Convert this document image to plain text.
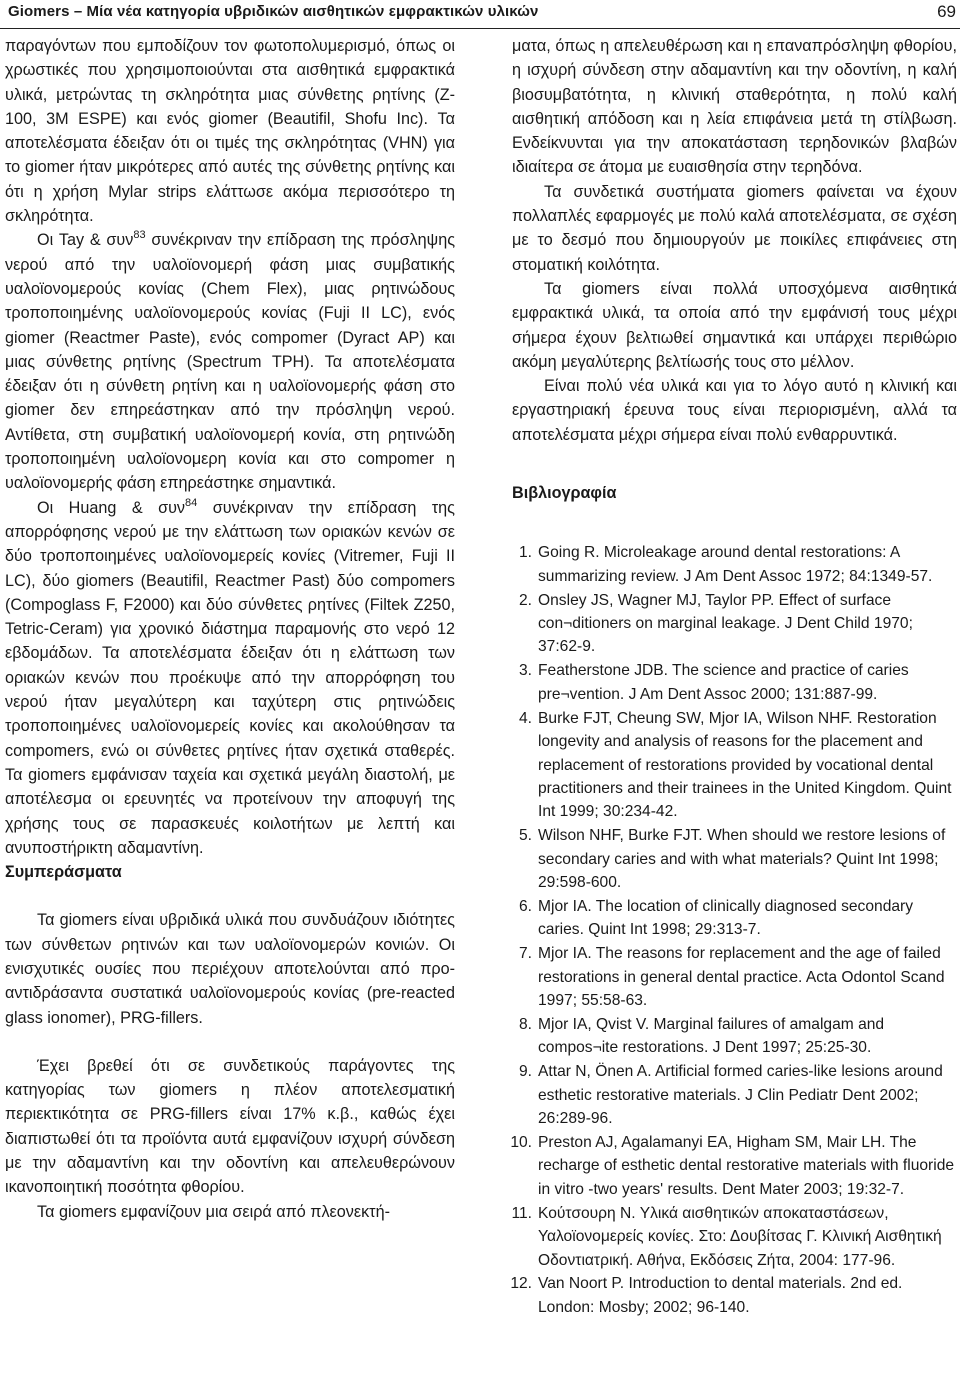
Giomers – Μία νέα κατηγορία υβριδικών αισθητικών εμφρακτικών υλικών	69

παραγόντων που εμποδίζουν τον φωτοπολυμερισμό, όπως οι χρωστικές που χρησιμοποιούνται στα αισθητικά εμφρακτικά υλικά, μετρώντας τη σκληρότητα μιας σύνθετης ρητίνης (Z-100, 3M ESPE) και ενός giomer (Beautifil, Shofu Inc). Τα αποτελέσματα έδειξαν ότι οι τιμές της σκληρότητας (VHN) για το giomer ήταν μικρότερες από αυτές της σύνθετης ρητίνης και ότι η χρήση Mylar strips ελάττωσε ακόμα περισσότερο τη σκληρότητα.

Οι Tay & συν$^{83}$ συνέκριναν την επίδραση της πρόσληψης νερού από την υαλοϊονομερή φάση μιας συμβατικής υαλοϊονομερούς κονίας (Chem Flex), μιας ρητινώδους τροποποιημένης υαλοϊονομερούς κονίας (Fuji II LC), ενός giomer (Reactmer Paste), ενός compomer (Dyract AP) και μιας σύνθετης ρητίνης (Spectrum TPH). Τα αποτελέσματα έδειξαν ότι η σύνθετη ρητίνη και η υαλοϊονομερής φάση στο giomer δεν επηρεάστηκαν από την πρόσληψη νερού. Αντίθετα, στη συμβατική υαλοϊονομερή κονία, στη ρητινώδη τροποποιημένη υαλοϊονομερη κονία και στο compomer η υαλοϊονομερής φάση επηρεάστηκε σημαντικά.

Οι Huang & συν$^{84}$ συνέκριναν την επίδραση της απορρόφησης νερού με την ελάττωση των οριακών κενών σε δύο τροποποιημένες υαλοϊονομερείς κονίες (Vitremer, Fuji II LC), δύο giomers (Beautifil, Reactmer Past) δύο compomers (Compoglass F, F2000) και δύο σύνθετες ρητίνες (Filtek Z250, Tetric-Ceram) για χρονικό διάστημα παραμονής στο νερό 12 εβδομάδων. Τα αποτελέσματα έδειξαν ότι η ελάττωση των οριακών κενών που προέκυψε από την απορρόφηση του νερού ήταν μεγαλύτερη και ταχύτερη στις ρητινώδεις τροποποιημένες υαλοϊονομερείς κονίες και ακολούθησαν τα compomers, ενώ οι σύνθετες ρητίνες ήταν σχετικά σταθερές. Τα giomers εμφάνισαν ταχεία και σχετικά μεγάλη διαστολή, με αποτέλεσμα οι ερευνητές να προτείνουν την αποφυγή της χρήσης τους σε παρασκευές κοιλοτήτων με λεπτή και ανυποστήρικτη αδαμαντίνη.

Συμπεράσματα

Τα giomers είναι υβριδικά υλικά που συνδυάζουν ιδιότητες των σύνθετων ρητινών και των υαλοϊονομερών κονιών. Οι ενισχυτικές ουσίες που περιέχουν αποτελούνται από προ-αντιδράσαντα συστατικά υαλοϊονομερούς κονίας (pre-reacted glass ionomer), PRG-fillers.

Έχει βρεθεί ότι σε συνδετικούς παράγοντες της κατηγορίας των giomers η πλέον αποτελεσματική περιεκτικότητα σε PRG-fillers είναι 17% κ.β., καθώς έχει διαπιστωθεί ότι τα προϊόντα αυτά εμφανίζουν ισχυρή σύνδεση με την αδαμαντίνη και την οδοντίνη και απελευθερώνουν ικανοποιητική ποσότητα φθορίου.

Τα giomers εμφανίζουν μια σειρά από πλεονεκτή-

ματα, όπως η απελευθέρωση και η επαναπρόσληψη φθορίου, η ισχυρή σύνδεση στην αδαμαντίνη και την οδοντίνη, η καλή βιοσυμβατότητα, η κλινική σταθερότητα, η πολύ καλή αισθητική απόδοση και η λεία επιφάνεια μετά τη στίλβωση. Ενδείκνυνται για την αποκατάσταση τερηδονικών βλαβών ιδιαίτερα σε άτομα με ευαισθησία στην τερηδόνα.

Τα συνδετικά συστήματα giomers φαίνεται να έχουν πολλαπλές εφαρμογές με πολύ καλά αποτελέσματα, σε σχέση με το δεσμό που δημιουργούν με ποικίλες επιφάνειες στη στοματική κοιλότητα.

Τα giomers είναι πολλά υποσχόμενα αισθητικά εμφρακτικά υλικά, τα οποία από την εμφάνισή τους μέχρι σήμερα έχουν βελτιωθεί σημαντικά και υπάρχει περιθώριο ακόμη μεγαλύτερης βελτίωσής τους στο μέλλον.

Είναι πολύ νέα υλικά και για το λόγο αυτό η κλινική και εργαστηριακή έρευνα τους είναι περιορισμένη, αλλά τα αποτελέσματα μέχρι σήμερα είναι πολύ ενθαρρυντικά.

Βιβλιογραφία

1. Going R. Microleakage around dental restorations: A summarizing review. J Am Dent Assoc 1972; 84:1349-57.
2. Onsley JS, Wagner MJ, Taylor PP. Effect of surface con¬ditioners on marginal leakage. J Dent Child 1970; 37:62-9.
3. Featherstone JDB. The science and practice of caries pre¬vention. J Am Dent Assoc 2000; 131:887-99.
4. Burke FJT, Cheung SW, Mjor IA, Wilson NHF. Restoration longevity and analysis of reasons for the placement and replacement of restorations provided by vocational dental practitioners and their trainees in the United Kingdom. Quint Int 1999; 30:234-42.
5. Wilson NHF, Burke FJT. When should we restore lesions of secondary caries and with what materials? Quint Int 1998; 29:598-600.
6. Mjor IA. The location of clinically diagnosed secondary caries. Quint Int 1998; 29:313-7.
7. Mjor IA. The reasons for replacement and the age of failed restorations in general dental practice. Acta Odontol Scand 1997; 55:58-63.
8. Mjor IA, Qvist V. Marginal failures of amalgam and compos¬ite restorations. J Dent 1997; 25:25-30.
9. Attar N, Önen A. Artificial formed caries-like lesions around esthetic restorative materials. J Clin Pediatr Dent 2002; 26:289-96.
10. Preston AJ, Agalamanyi EA, Higham SM, Mair LH. The recharge of esthetic dental restorative materials with fluoride in vitro -two years' results. Dent Mater 2003; 19:32-7.
11. Κούτσουρη Ν. Υλικά αισθητικών αποκαταστάσεων, Υαλοϊονομερείς κονίες. Στο: Δουβίτσας Γ. Κλινική Αισθητική Οδοντιατρική. Αθήνα, Εκδόσεις Ζήτα, 2004: 177-96.
12. Van Noort P. Introduction to dental materials. 2nd ed. London: Mosby; 2002; 96-140.
